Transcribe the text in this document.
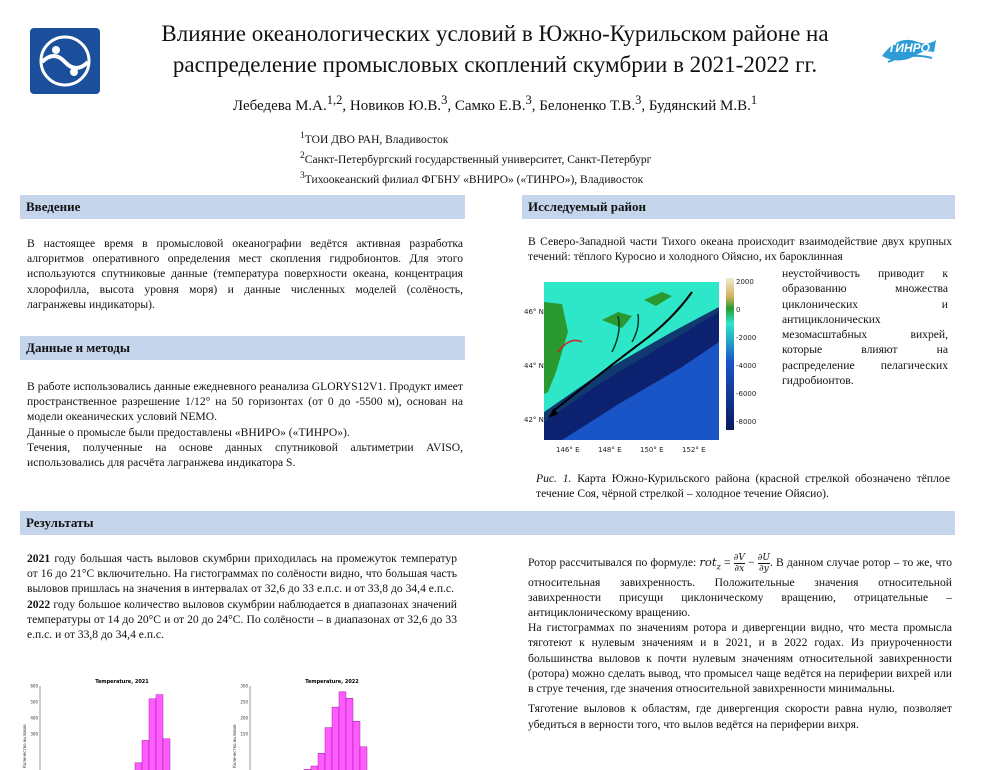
ТИНРО
Влияние океанологических условий в Южно-Курильском районе на
распределение промысловых скоплений скумбрии в 2021-2022 гг.
Лебедева М.А.$^{1,2}$, Новиков Ю.В.$^3$, Самко Е.В.$^3$, Белоненко Т.В.$^3$, Будянский М.В.$^1$
$^1$ТОИ ДВО РАН, Владивосток
$^2$Санкт-Петербургский государственный университет, Санкт-Петербург
$^3$Тихоокеанский филиал ФГБНУ «ВНИРО» («ТИНРО»), Владивосток
Введение
В настоящее время в промысловой океанографии ведётся активная разработка алгоритмов оперативного определения мест скопления гидробионтов. Для этого используются спутниковые данные (температура поверхности океана, концентрация хлорофилла, высота уровня моря) и данные численных моделей (солёность, лагранжевы индикаторы).
Данные и методы

В работе использовались данные ежедневного реанализа GLORYS12V1. Продукт имеет пространственное разрешение 1/12° на 50 горизонтах (от 0 до -5500 м), основан на модели океанических условий NEMO.

Данные о промысле были предоставлены «ВНИРО» («ТИНРО»).

Течения, полученные на основе данных спутниковой альтиметрии AVISO, использовались для расчёта лагранжева индикатора S.

Исследуемый район
В Северо-Западной части Тихого океана происходит взаимодействие двух крупных течений: тёплого Куросио и холодного Ойясио, их бароклинная
неустойчивость приводит к образованию множества циклонических и антициклонических мезомасштабных вихрей, которые влияют на распределение пелагических гидробионтов.
46° N
44° N
42° N
146° E	148° E	150° E	152° E
2000
0
-2000
-4000
-6000
-8000
Рис. 1. Карта Южно-Курильского района (красной стрелкой обозначено тёплое течение Соя, чёрной стрелкой – холодное течение Ойясио).
Результаты

2021 году большая часть выловов скумбрии приходилась на промежуток температур от 16 до 21°С включительно. На гистограммах по солёности видно, что большая часть выловов пришлась на значения в интервалах от 32,6 до 33 е.п.с. и от 33,8 до 34,4 е.п.с.

2022 году большое количество выловов скумбрии наблюдается в диапазонах значений температуры от 14 до 20°С и от 20 до 24°С. По солёности – в диапазонах от 32,6 до 33 е.п.с. и от 33,8 до 34,4 е.п.с.

Ротор рассчитывался по формуле: $rot_z = \frac{\partial V}{\partial x} - \frac{\partial U}{\partial y}$ . В данном случае ротор – то же, что относительная завихренность. Положительные значения относительной завихренности присущи циклоническому вращению, отрицательные – антициклоническому вращению.

На гистограммах по значениям ротора и дивергенции видно, что места промысла тяготеют к нулевым значениям и в 2021, и в 2022 годах. Из приуроченности большинства выловов к почти нулевым значениям относительной завихренности (ротора) можно сделать вывод, что промысел чаще ведётся на периферии вихрей или в струе течения, где значения относительной завихренности минимальны.

Тяготение выловов к областям, где дивергенция скорости равна нулю, позволяет убедиться в верности того, что вылов ведётся на периферии вихря.

Temperature, 2021
Количество выловов
600
500
400
300
Temperature, 2022
Количество выловов
300
250
200
150
